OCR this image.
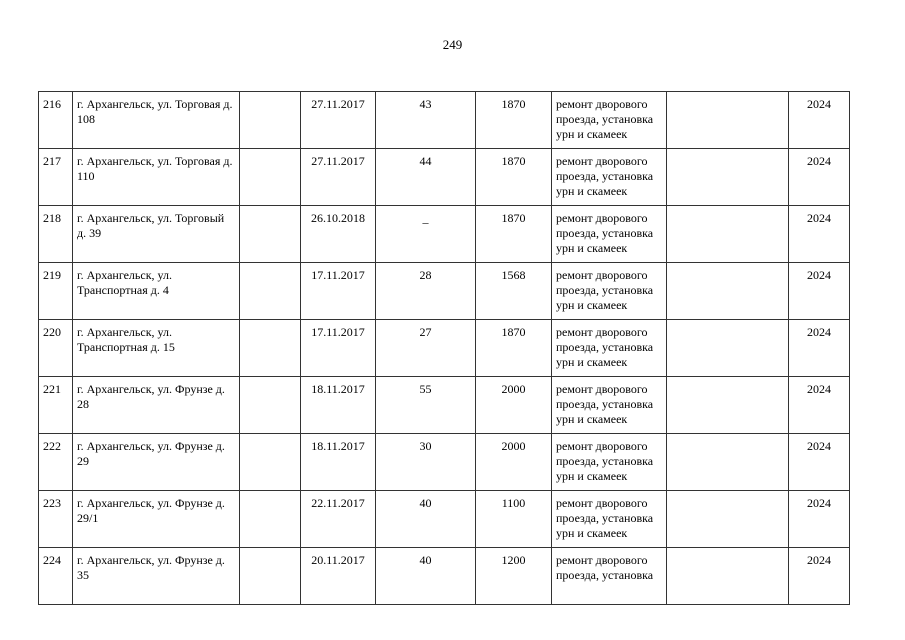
249
216	г. Архангельск, ул. Торговая д. 108		27.11.2017	43	1870	ремонт дворового проезда, установка урн и скамеек		2024
217	г. Архангельск, ул. Торговая д. 110		27.11.2017	44	1870	ремонт дворового проезда, установка урн и скамеек		2024
218	г. Архангельск, ул. Торговый д. 39		26.10.2018	_	1870	ремонт дворового проезда, установка урн и скамеек		2024
219	г. Архангельск, ул. Транспортная д. 4		17.11.2017	28	1568	ремонт дворового проезда, установка урн и скамеек		2024
220	г. Архангельск, ул. Транспортная д. 15		17.11.2017	27	1870	ремонт дворового проезда, установка урн и скамеек		2024
221	г. Архангельск, ул. Фрунзе д. 28		18.11.2017	55	2000	ремонт дворового проезда, установка урн и скамеек		2024
222	г. Архангельск, ул. Фрунзе д. 29		18.11.2017	30	2000	ремонт дворового проезда, установка урн и скамеек		2024
223	г. Архангельск, ул. Фрунзе д. 29/1		22.11.2017	40	1100	ремонт дворового проезда, установка урн и скамеек		2024
224	г. Архангельск, ул. Фрунзе д. 35		20.11.2017	40	1200	ремонт дворового проезда, установка		2024
